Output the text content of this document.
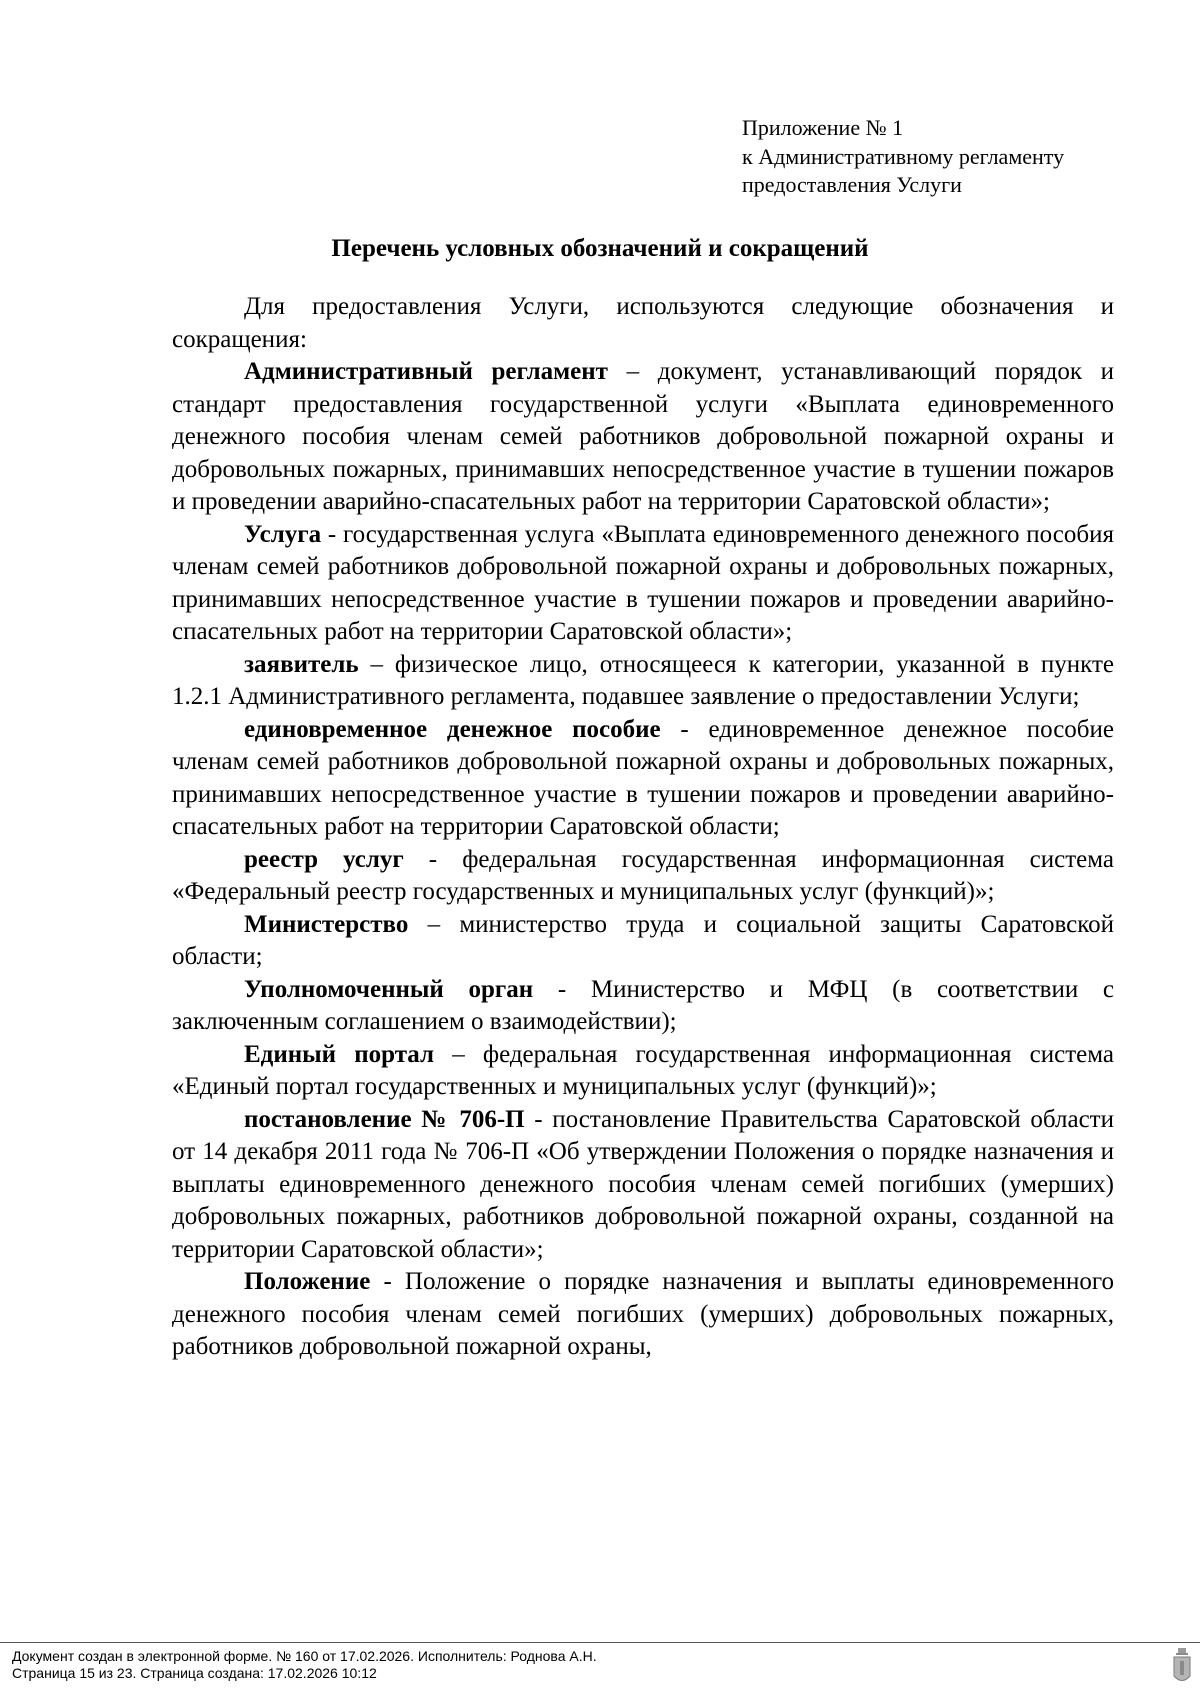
Приложение № 1
к Административному регламенту
предоставления Услуги
Перечень условных обозначений и сокращений

Для предоставления Услуги, используются следующие обозначения и сокращения:

Административный регламент – документ, устанавливающий порядок и стандарт предоставления государственной услуги «Выплата единовременного денежного пособия членам семей работников добровольной пожарной охраны и добровольных пожарных, принимавших непосредственное участие в тушении пожаров и проведении аварийно-спасательных работ на территории Саратовской области»;

Услуга - государственная услуга «Выплата единовременного денежного пособия членам семей работников добровольной пожарной охраны и добровольных пожарных, принимавших непосредственное участие в тушении пожаров и проведении аварийно-спасательных работ на территории Саратовской области»;

заявитель – физическое лицо, относящееся к категории, указанной в пункте 1.2.1 Административного регламента, подавшее заявление о предоставлении Услуги;

единовременное денежное пособие - единовременное денежное пособие членам семей работников добровольной пожарной охраны и добровольных пожарных, принимавших непосредственное участие в тушении пожаров и проведении аварийно-спасательных работ на территории Саратовской области;

реестр услуг - федеральная государственная информационная система «Федеральный реестр государственных и муниципальных услуг (функций)»;

Министерство – министерство труда и социальной защиты Саратовской области;

Уполномоченный орган - Министерство и МФЦ (в соответствии с заключенным соглашением о взаимодействии);

Единый портал – федеральная государственная информационная система «Единый портал государственных и муниципальных услуг (функций)»;

постановление № 706-П - постановление Правительства Саратовской области от 14 декабря 2011 года № 706-П «Об утверждении Положения о порядке назначения и выплаты единовременного денежного пособия членам семей погибших (умерших) добровольных пожарных, работников добровольной пожарной охраны, созданной на территории Саратовской области»;

Положение - Положение о порядке назначения и выплаты единовременного денежного пособия членам семей погибших (умерших) добровольных пожарных, работников добровольной пожарной охраны,

Документ создан в электронной форме. № 160 от 17.02.2026. Исполнитель: Роднова А.Н.
Страница 15 из 23. Страница создана: 17.02.2026 10:12
